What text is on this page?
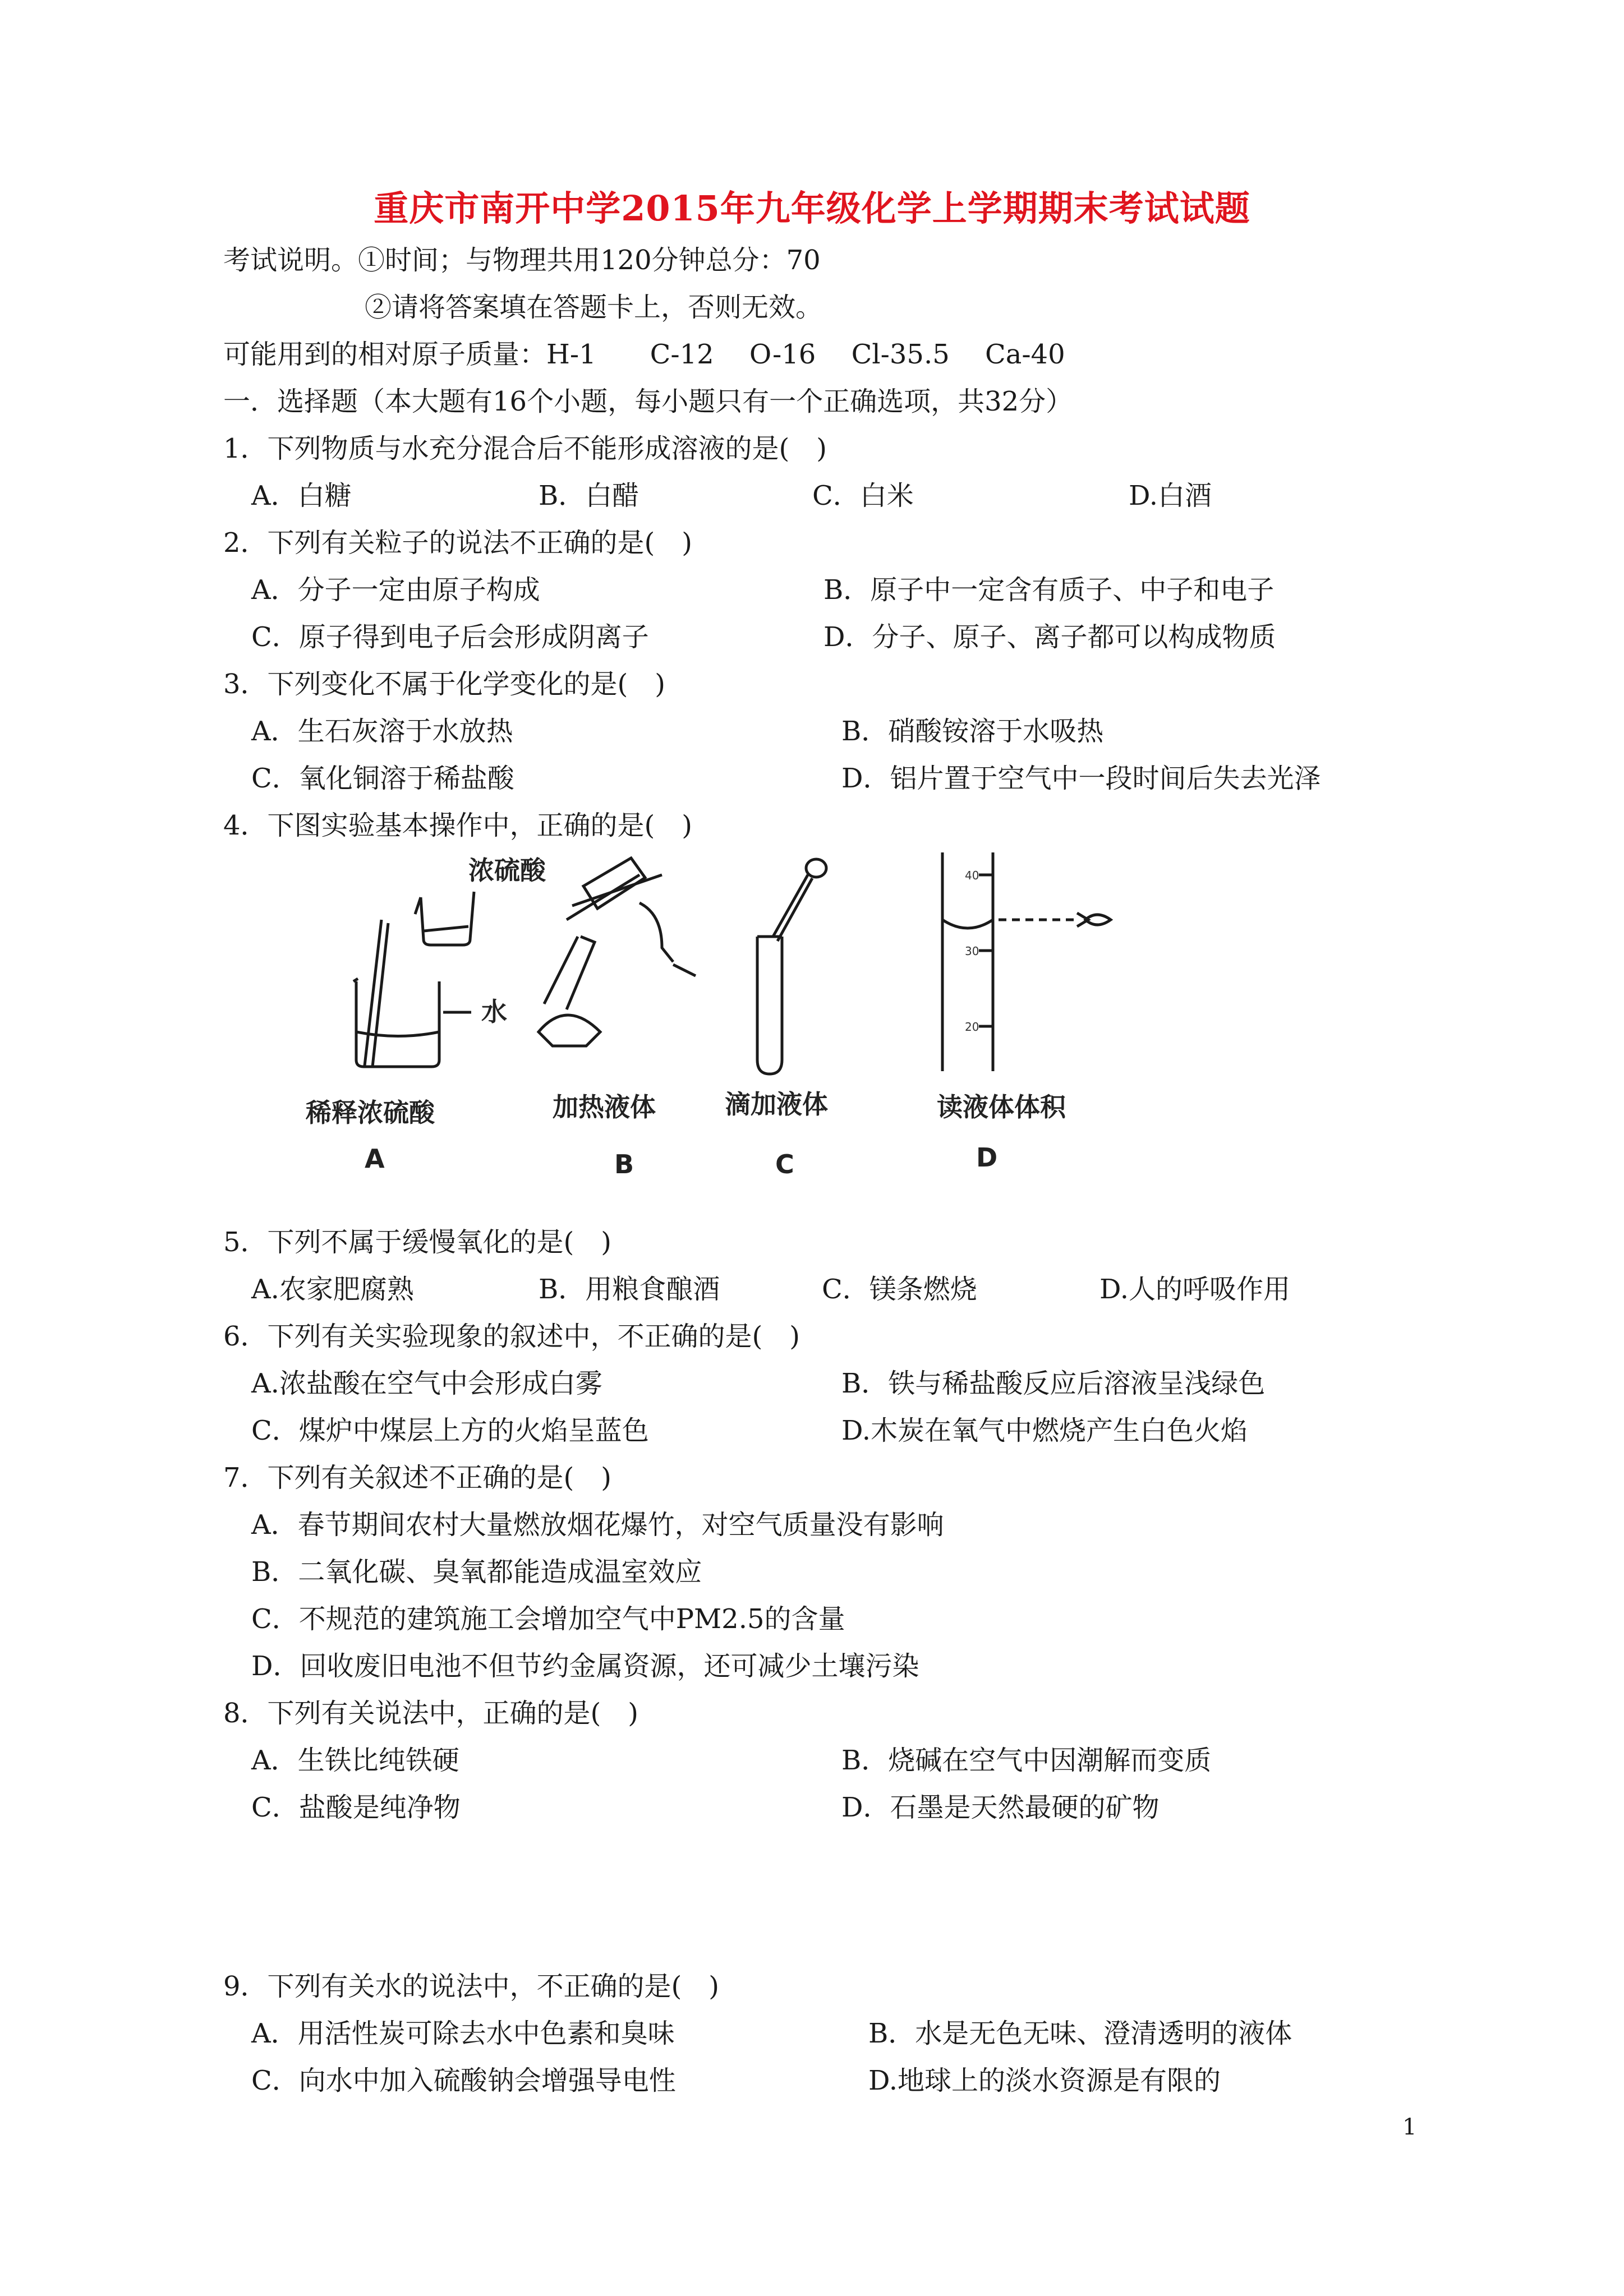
重庆市南开中学2015年九年级化学上学期期末考试试题
考试说明。①时间；与物理共用120分钟总分：70
②请将答案填在答题卡上，否则无效。
可能用到的相对原子质量：H-1　　C-12　 O-16　 Cl-35.5　 Ca-40
一．选择题（本大题有16个小题，每小题只有一个正确选项，共32分）
1．下列物质与水充分混合后不能形成溶液的是(　)
A．白糖	B．白醋	C．白米	D.白酒
2．下列有关粒子的说法不正确的是(　)
A．分子一定由原子构成	B．原子中一定含有质子、中子和电子
C．原子得到电子后会形成阴离子	D．分子、原子、离子都可以构成物质
3．下列变化不属于化学变化的是(　)
A．生石灰溶于水放热	B．硝酸铵溶于水吸热
C．氧化铜溶于稀盐酸	D．铝片置于空气中一段时间后失去光泽
4．下图实验基本操作中，正确的是(　)
浓硫酸
水
40
30
20
稀释浓硫酸	加热液体	滴加液体	读液体体积
A	B	C	D
5．下列不属于缓慢氧化的是(　)
A.农家肥腐熟	B．用粮食酿酒	C．镁条燃烧	D.人的呼吸作用
6．下列有关实验现象的叙述中，不正确的是(　)
A.浓盐酸在空气中会形成白雾	B．铁与稀盐酸反应后溶液呈浅绿色
C．煤炉中煤层上方的火焰呈蓝色	D.木炭在氧气中燃烧产生白色火焰
7．下列有关叙述不正确的是(　)
A．春节期间农村大量燃放烟花爆竹，对空气质量没有影响
B．二氧化碳、臭氧都能造成温室效应
C．不规范的建筑施工会增加空气中PM2.5的含量
D．回收废旧电池不但节约金属资源，还可减少土壤污染
8．下列有关说法中，正确的是(　)
A．生铁比纯铁硬	B．烧碱在空气中因潮解而变质
C．盐酸是纯净物	D．石墨是天然最硬的矿物
9．下列有关水的说法中，不正确的是(　)
A．用活性炭可除去水中色素和臭味	B．水是无色无味、澄清透明的液体
C．向水中加入硫酸钠会增强导电性	D.地球上的淡水资源是有限的
1
